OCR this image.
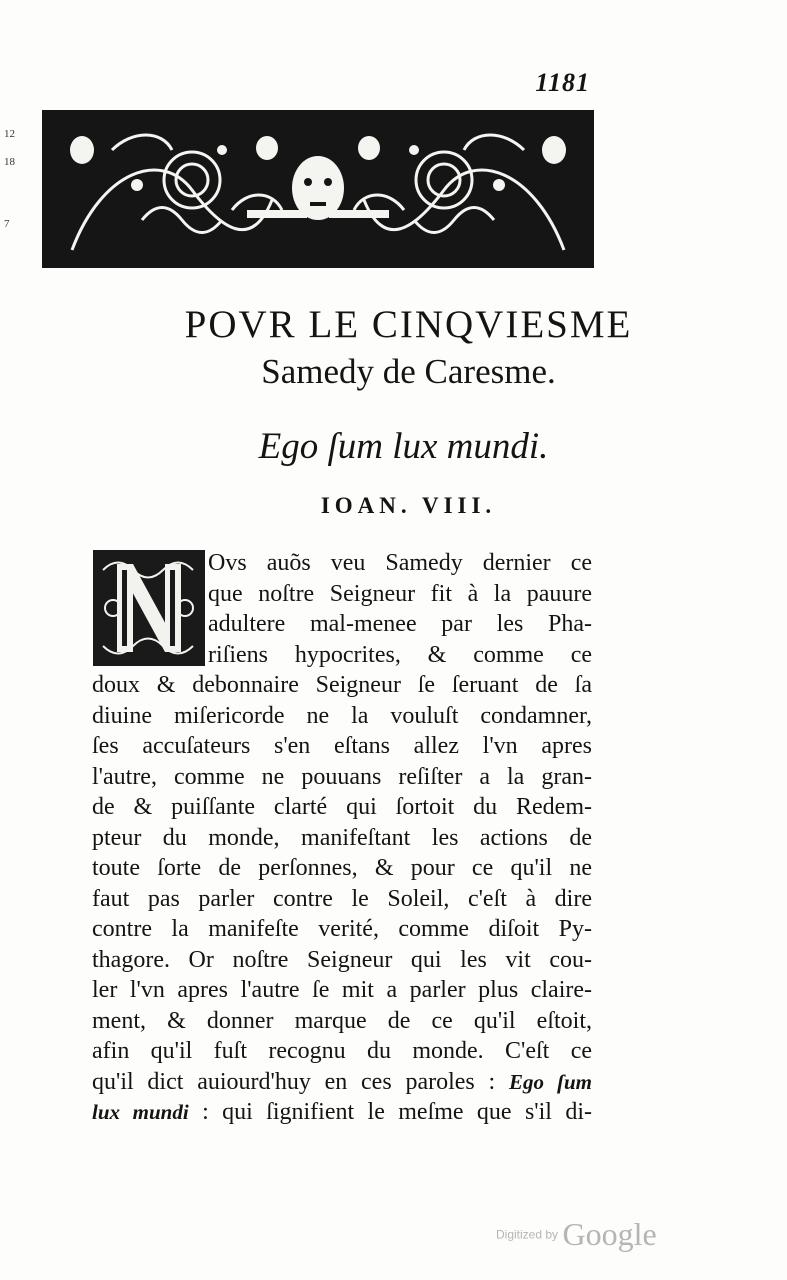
1181
12
18
7
POVR LE CINQVIESME
Samedy de Caresme.
Ego ſum lux mundi.
IOAN. VIII.
Ovs auõs veu Samedy dernier ce
que noſtre Seigneur fit à la pauure
adultere mal-menee par les Pha-
riſiens hypocrites, & comme ce
doux & debonnaire Seigneur ſe ſeruant de ſa
diuine miſericorde ne la vouluſt condamner,
ſes accuſateurs s'en eſtans allez l'vn apres
l'autre, comme ne pouuans reſiſter a la gran-
de & puiſſante clarté qui ſortoit du Redem-
pteur du monde, manifeſtant les actions de
toute ſorte de perſonnes, & pour ce qu'il ne
faut pas parler contre le Soleil, c'eſt à dire
contre la manifeſte verité, comme diſoit Py-
thagore. Or noſtre Seigneur qui les vit cou-
ler l'vn apres l'autre ſe mit a parler plus claire-
ment, & donner marque de ce qu'il eſtoit,
afin qu'il fuſt recognu du monde. C'eſt ce
qu'il dict auiourd'huy en ces paroles : Ego ſum
lux mundi : qui ſignifient le meſme que s'il di-
Digitized by Google
